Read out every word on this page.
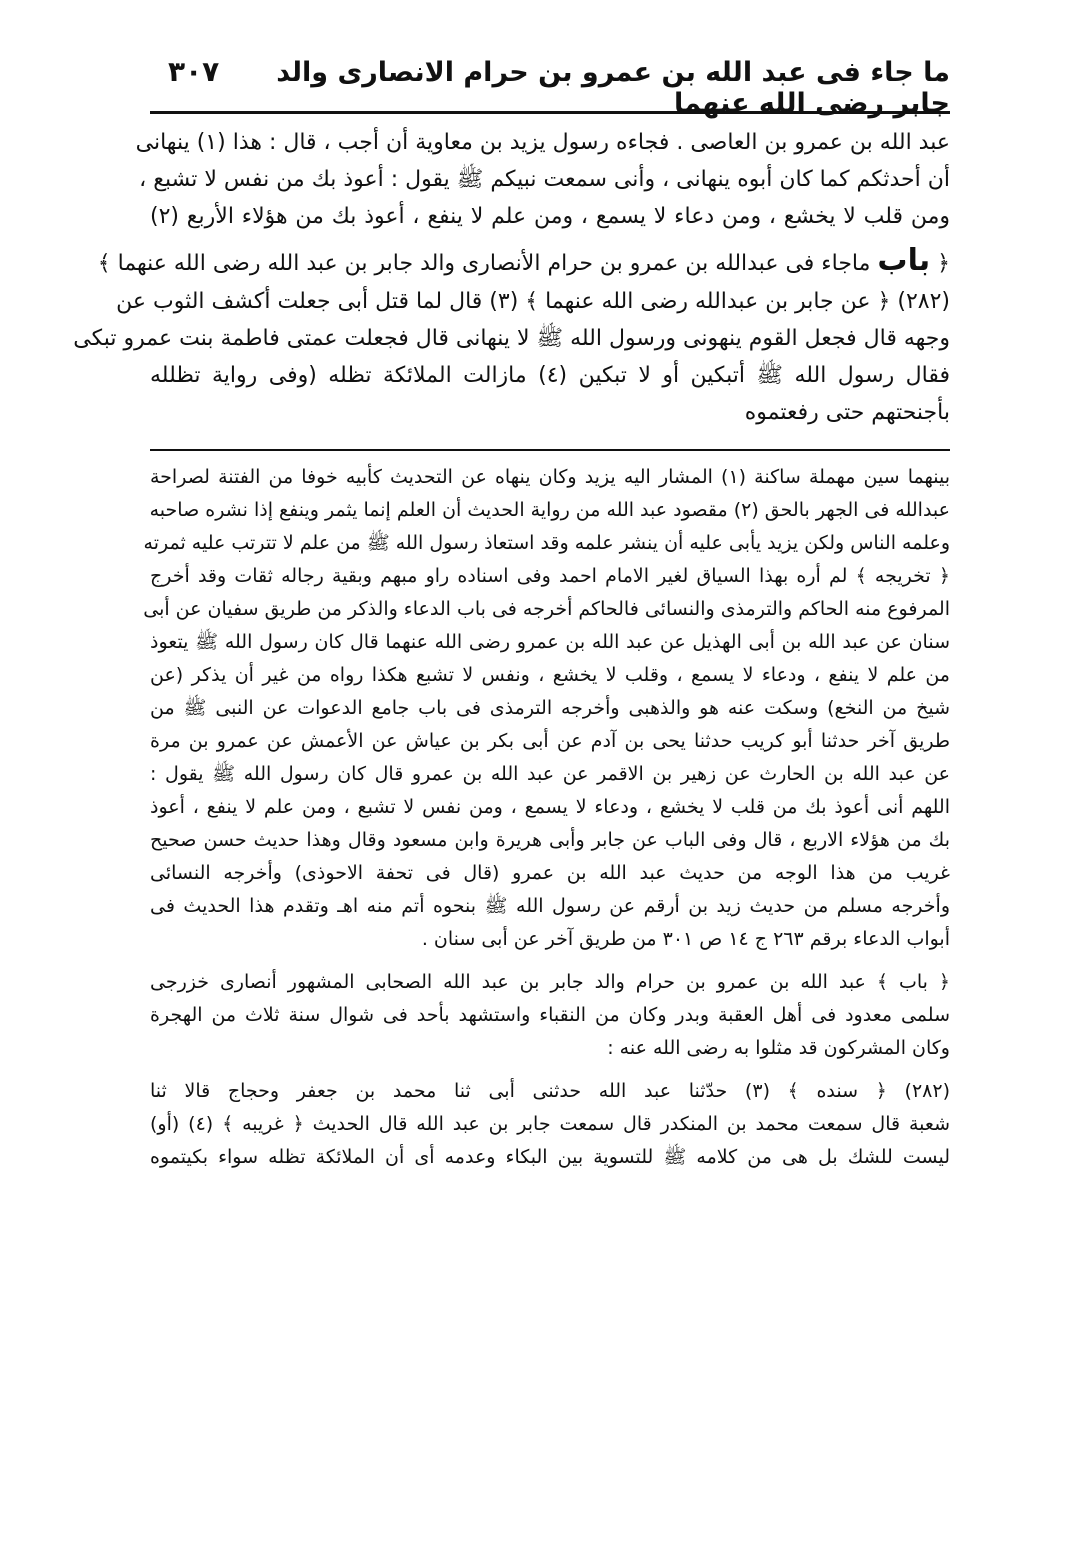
ما جاء فى عبد الله بن عمرو بن حرام الانصارى والد جابر رضى الله عنهما
٣٠٧
عبد الله بن عمرو بن العاصى . فجاءه رسول يزيد بن معاوية أن أجب ، قال : هذا (١) ينهانى
أن أحدثكم كما كان أبوه ينهانى ، وأنى سمعت نبيكم ﷺ يقول : أعوذ بك من نفس لا تشبع ،
ومن قلب لا يخشع ، ومن دعاء لا يسمع ، ومن علم لا ينفع ، أعوذ بك من هؤلاء الأربع (٢)
﴿ باب ماجاء فى عبدالله بن عمرو بن حرام الأنصارى والد جابر بن عبد الله رضى الله عنهما ﴾
(٢٨٢) ﴿ عن جابر بن عبدالله رضى الله عنهما ﴾ (٣) قال لما قتل أبى جعلت أكشف الثوب عن
وجهه قال فجعل القوم ينهونى ورسول الله ﷺ لا ينهانى قال فجعلت عمتى فاطمة بنت عمرو تبكى
فقال رسول الله ﷺ أتبكين أو لا تبكين (٤) مازالت الملائكة تظله (وفى رواية تظلله
بأجنحتهم حتى رفعتموه
بينهما سين مهملة ساكنة (١) المشار اليه يزيد وكان ينهاه عن التحديث كأبيه خوفا من الفتنة لصراحة
عبدالله فى الجهر بالحق (٢) مقصود عبد الله من رواية الحديث أن العلم إنما يثمر وينفع إذا نشره صاحبه
وعلمه الناس ولكن يزيد يأبى عليه أن ينشر علمه وقد استعاذ رسول الله ﷺ من علم لا تترتب عليه ثمرته
﴿ تخريجه ﴾ لم أره بهذا السياق لغير الامام احمد وفى اسناده راو مبهم وبقية رجاله ثقات وقد أخرج
المرفوع منه الحاكم والترمذى والنسائى فالحاكم أخرجه فى باب الدعاء والذكر من طريق سفيان عن أبى
سنان عن عبد الله بن أبى الهذيل عن عبد الله بن عمرو رضى الله عنهما قال كان رسول الله ﷺ يتعوذ
من علم لا ينفع ، ودعاء لا يسمع ، وقلب لا يخشع ، ونفس لا تشبع هكذا رواه من غير أن يذكر (عن
شيخ من النخع) وسكت عنه هو والذهبى وأخرجه الترمذى فى باب جامع الدعوات عن النبى ﷺ من
طريق آخر حدثنا أبو كريب حدثنا يحى بن آدم عن أبى بكر بن عياش عن الأعمش عن عمرو بن مرة
عن عبد الله بن الحارث عن زهير بن الاقمر عن عبد الله بن عمرو قال كان رسول الله ﷺ يقول :
اللهم أنى أعوذ بك من قلب لا يخشع ، ودعاء لا يسمع ، ومن نفس لا تشبع ، ومن علم لا ينفع ، أعوذ
بك من هؤلاء الاربع ، قال وفى الباب عن جابر وأبى هريرة وابن مسعود وقال وهذا حديث حسن صحيح
غريب من هذا الوجه من حديث عبد الله بن عمرو (قال فى تحفة الاحوذى) وأخرجه النسائى
وأخرجه مسلم من حديث زيد بن أرقم عن رسول الله ﷺ بنحوه أتم منه اهـ وتقدم هذا الحديث فى
أبواب الدعاء برقم ٢٦٣ ج ١٤ ص ٣٠١ من طريق آخر عن أبى سنان .
﴿ باب ﴾ عبد الله بن عمرو بن حرام والد جابر بن عبد الله الصحابى المشهور أنصارى خزرجى
سلمى معدود فى أهل العقبة وبدر وكان من النقباء واستشهد بأحد فى شوال سنة ثلاث من الهجرة
وكان المشركون قد مثلوا به رضى الله عنه :
(٢٨٢) ﴿ سنده ﴾ (٣) حدّثنا عبد الله حدثنى أبى ثنا محمد بن جعفر وحجاج قالا ثنا
شعبة قال سمعت محمد بن المنكدر قال سمعت جابر بن عبد الله قال الحديث ﴿ غريبه ﴾ (٤) (أو)
ليست للشك بل هى من كلامه ﷺ للتسوية بين البكاء وعدمه أى أن الملائكة تظله سواء بكيتموه
